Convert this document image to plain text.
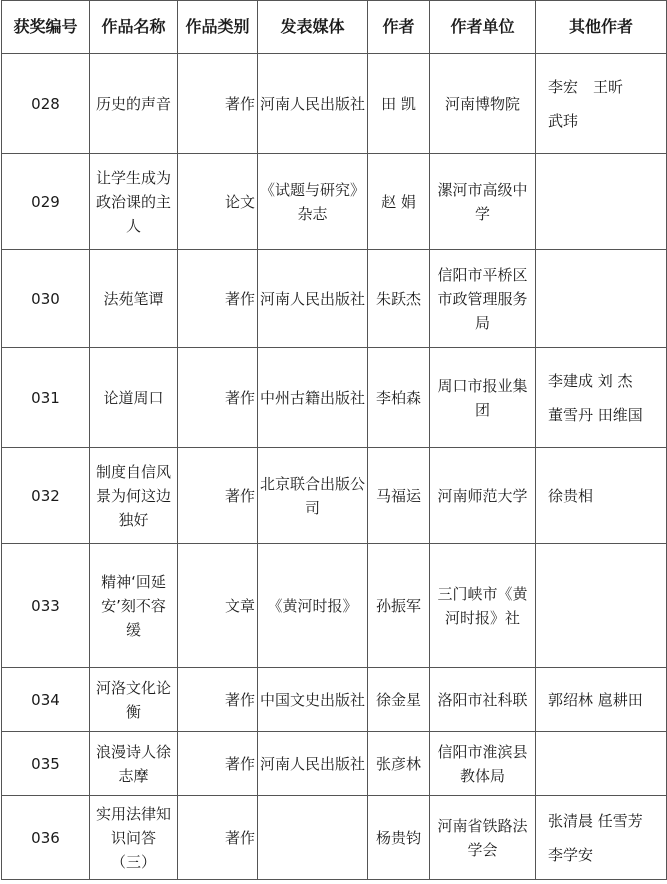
获奖编号	作品名称	作品类别	发表媒体	作者	作者单位	其他作者
028	历史的声音	著作	河南人民出版社	田 凯	河南博物院	李宏　王昕
武玮

029	让学生成为政治课的主人	论文	《试题与研究》杂志	赵 娟	漯河市高级中学	
030	法苑笔谭	著作	河南人民出版社	朱跃杰	信阳市平桥区市政管理服务局	
031	论道周口	著作	中州古籍出版社	李柏森	周口市报业集团	李建成 刘 杰
董雪丹 田维国

032	制度自信风景为何这边独好	著作	北京联合出版公司	马福运	河南师范大学	徐贵相

033	精神‘回延安’刻不容缓	文章	《黄河时报》	孙振军	三门峡市《黄河时报》社	
034	河洛文化论衡	著作	中国文史出版社	徐金星	洛阳市社科联	郭绍林 扈耕田

035	浪漫诗人徐志摩	著作	河南人民出版社	张彦林	信阳市淮滨县教体局	
036	实用法律知识问答（三）	著作		杨贵钧	河南省铁路法学会	张清晨 任雪芳
李学安
